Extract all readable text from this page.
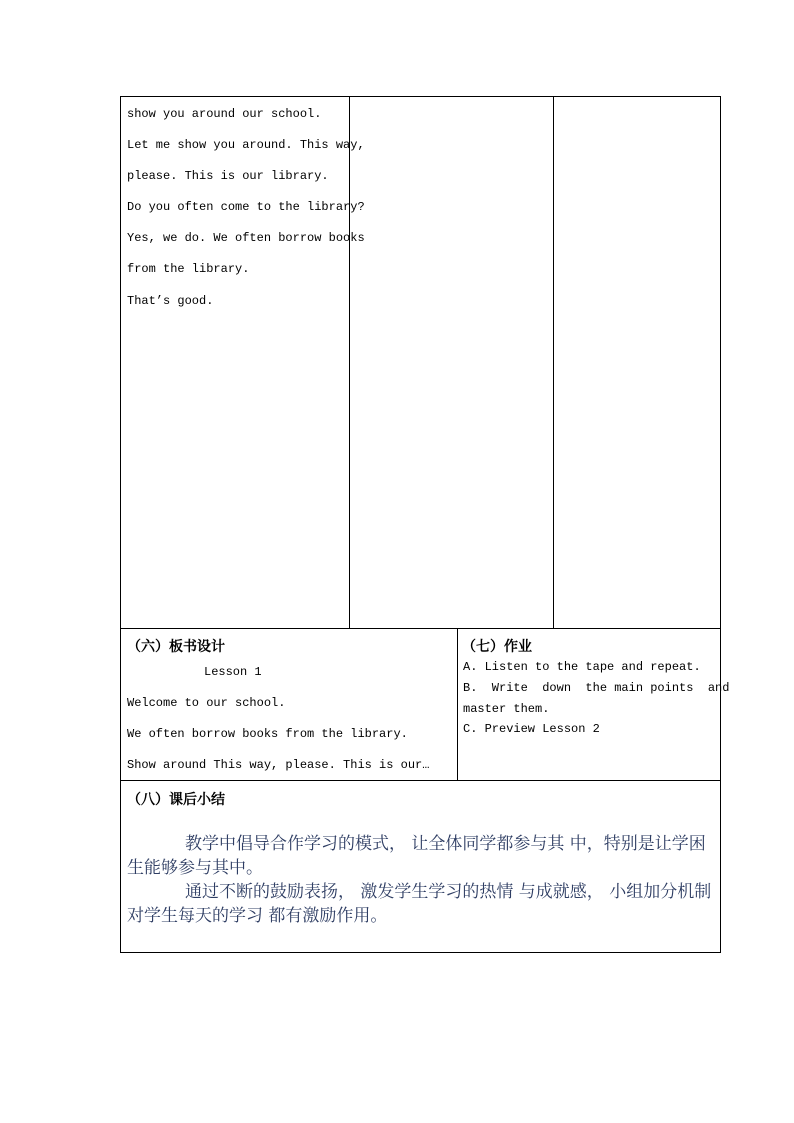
show you around our school.
Let me show you around. This way,
please. This is our library.
Do you often come to the library?
Yes, we do. We often borrow books
from the library.
That’s good.
（六）板书设计
Lesson 1
Welcome to our school.
We often borrow books from the library.
Show around This way, please. This is our…
（七）作业
A. Listen to the tape and repeat.
B.  Write  down  the main points  and
master them.
C. Preview Lesson 2
（八）课后小结
教学中倡导合作学习的模式， 让全体同学都参与其 中，特别是让学困生能够参与其中。
通过不断的鼓励表扬， 激发学生学习的热情 与成就感， 小组加分机制对学生每天的学习 都有激励作用。
